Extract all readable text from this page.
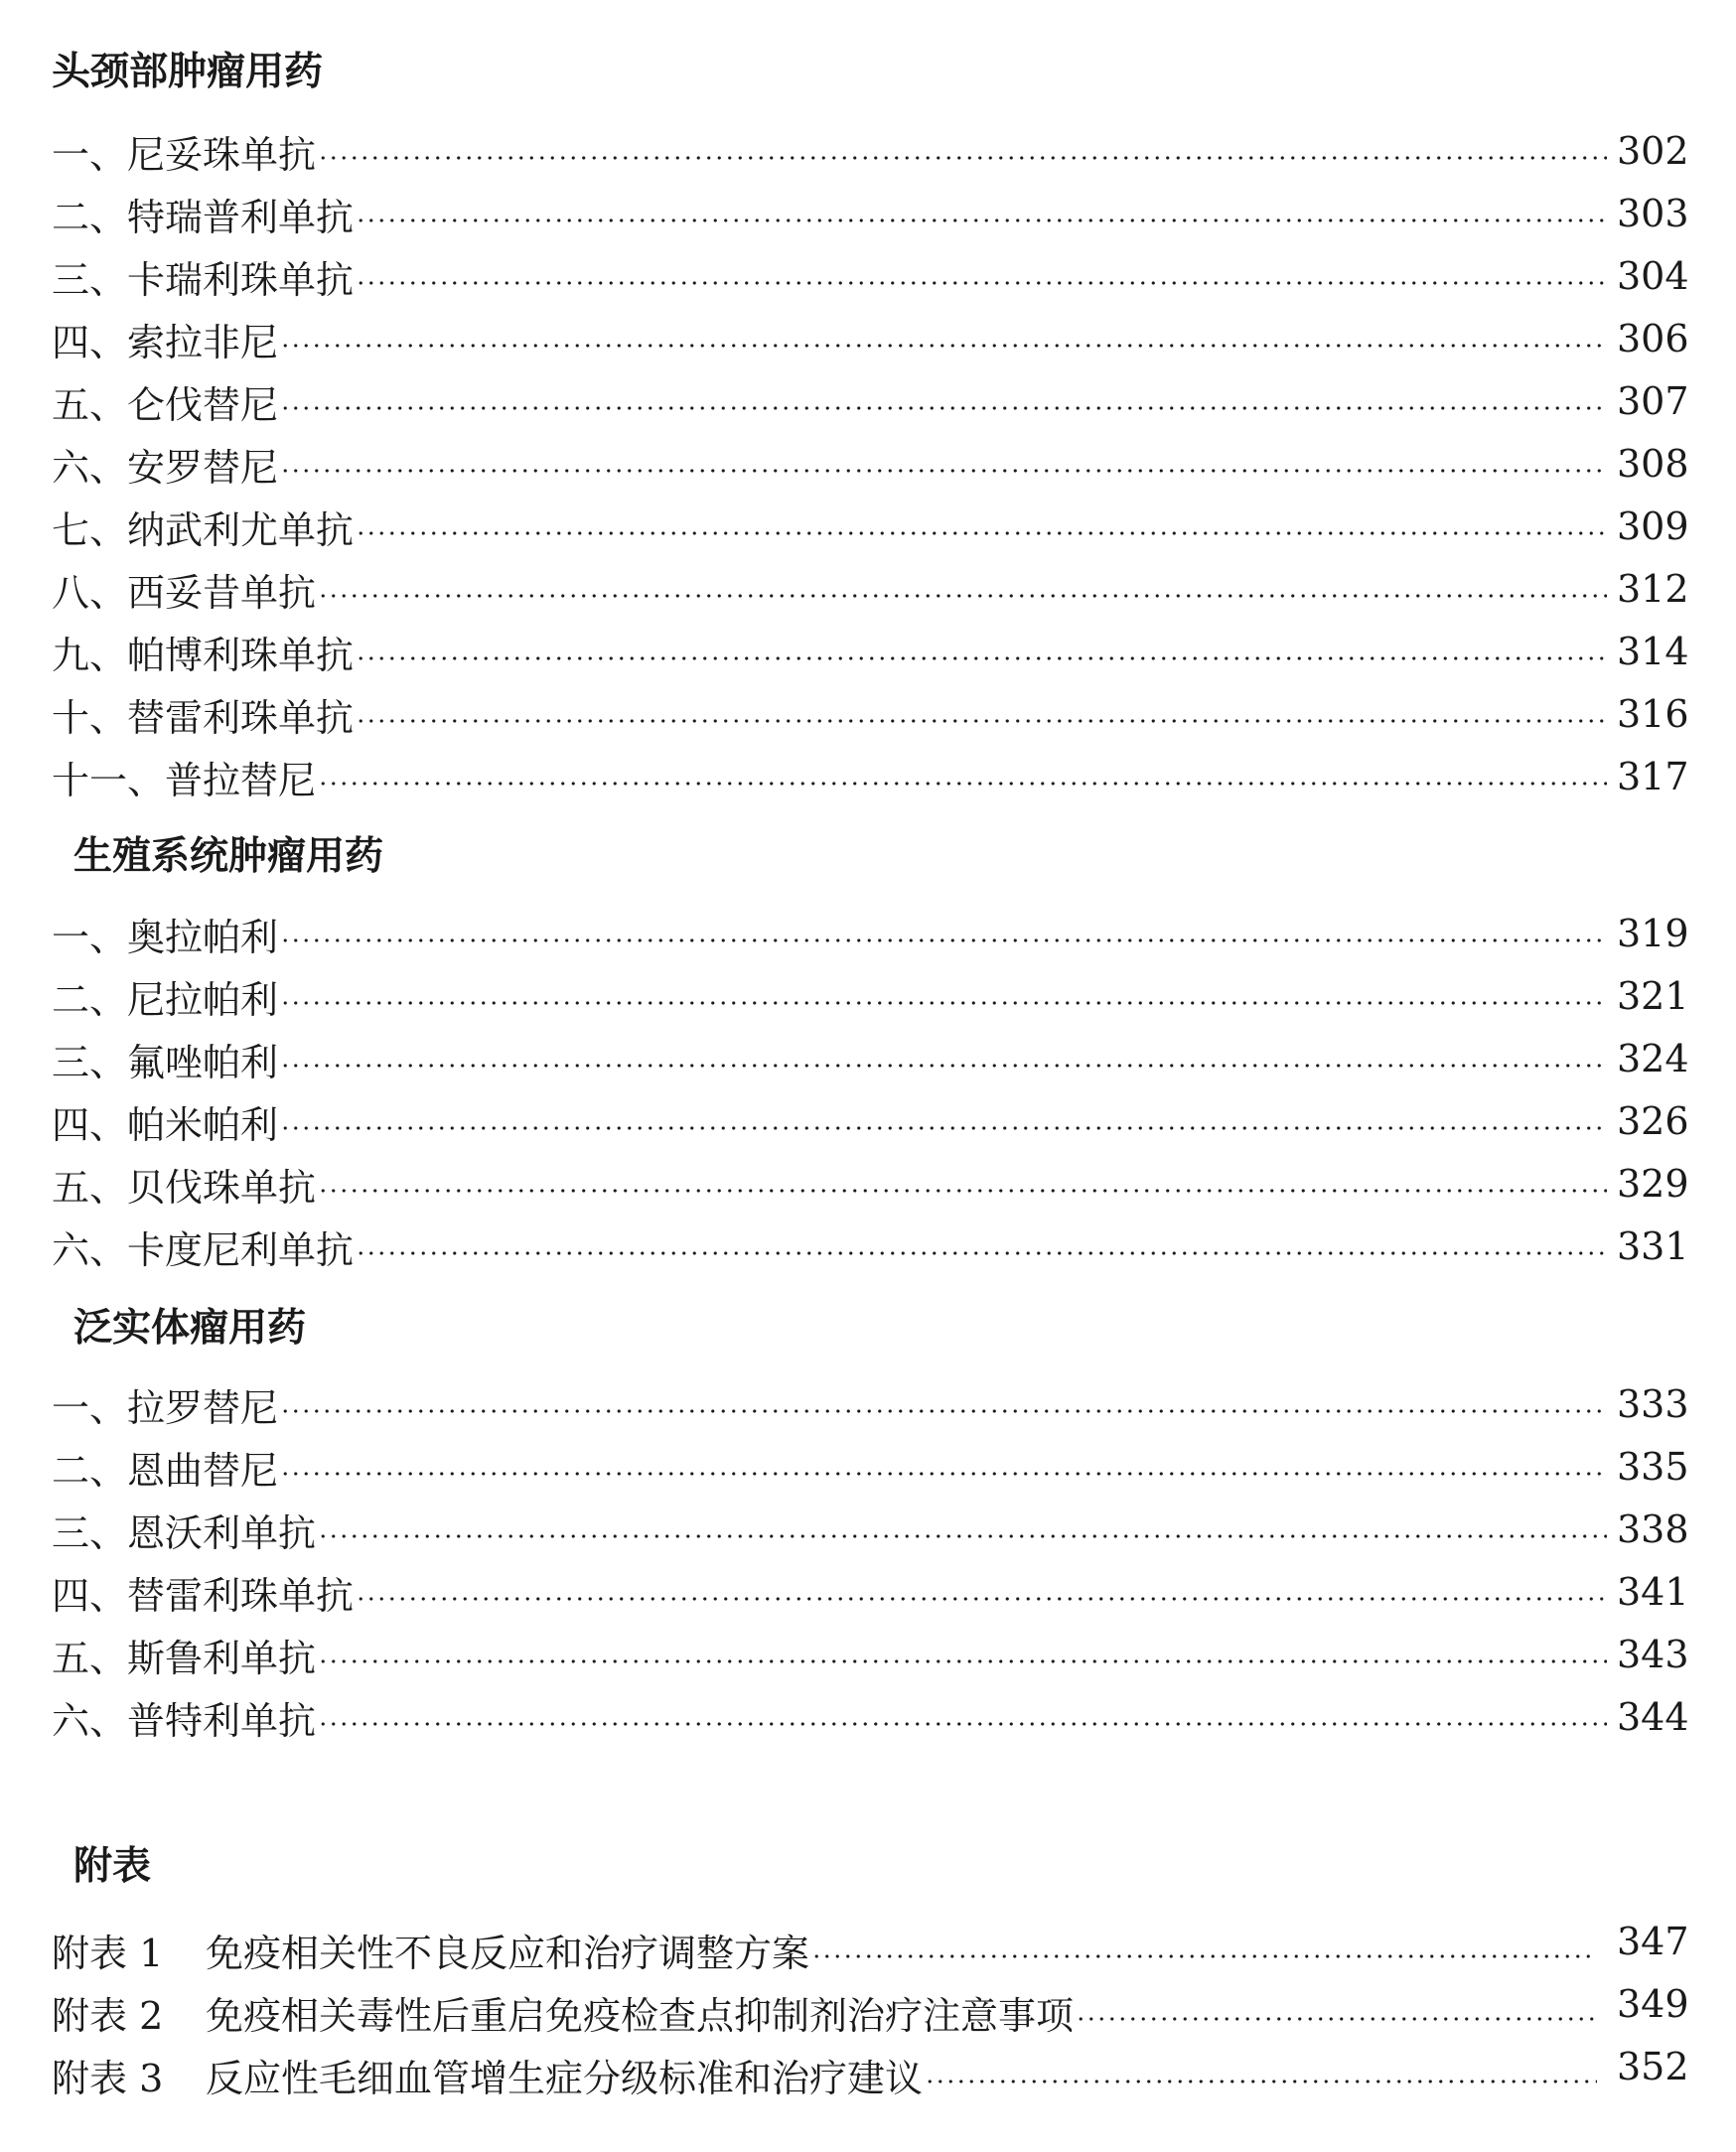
头颈部肿瘤用药
一、尼妥珠单抗	302
二、特瑞普利单抗	303
三、卡瑞利珠单抗	304
四、索拉非尼	306
五、仑伐替尼	307
六、安罗替尼	308
七、纳武利尤单抗	309
八、西妥昔单抗	312
九、帕博利珠单抗	314
十、替雷利珠单抗	316
十一、普拉替尼	317
生殖系统肿瘤用药
一、奥拉帕利	319
二、尼拉帕利	321
三、氟唑帕利	324
四、帕米帕利	326
五、贝伐珠单抗	329
六、卡度尼利单抗	331
泛实体瘤用药
一、拉罗替尼	333
二、恩曲替尼	335
三、恩沃利单抗	338
四、替雷利珠单抗	341
五、斯鲁利单抗	343
六、普特利单抗	344
附表
附表 1	免疫相关性不良反应和治疗调整方案	347
附表 2	免疫相关毒性后重启免疫检查点抑制剂治疗注意事项	349
附表 3	反应性毛细血管增生症分级标准和治疗建议	352
